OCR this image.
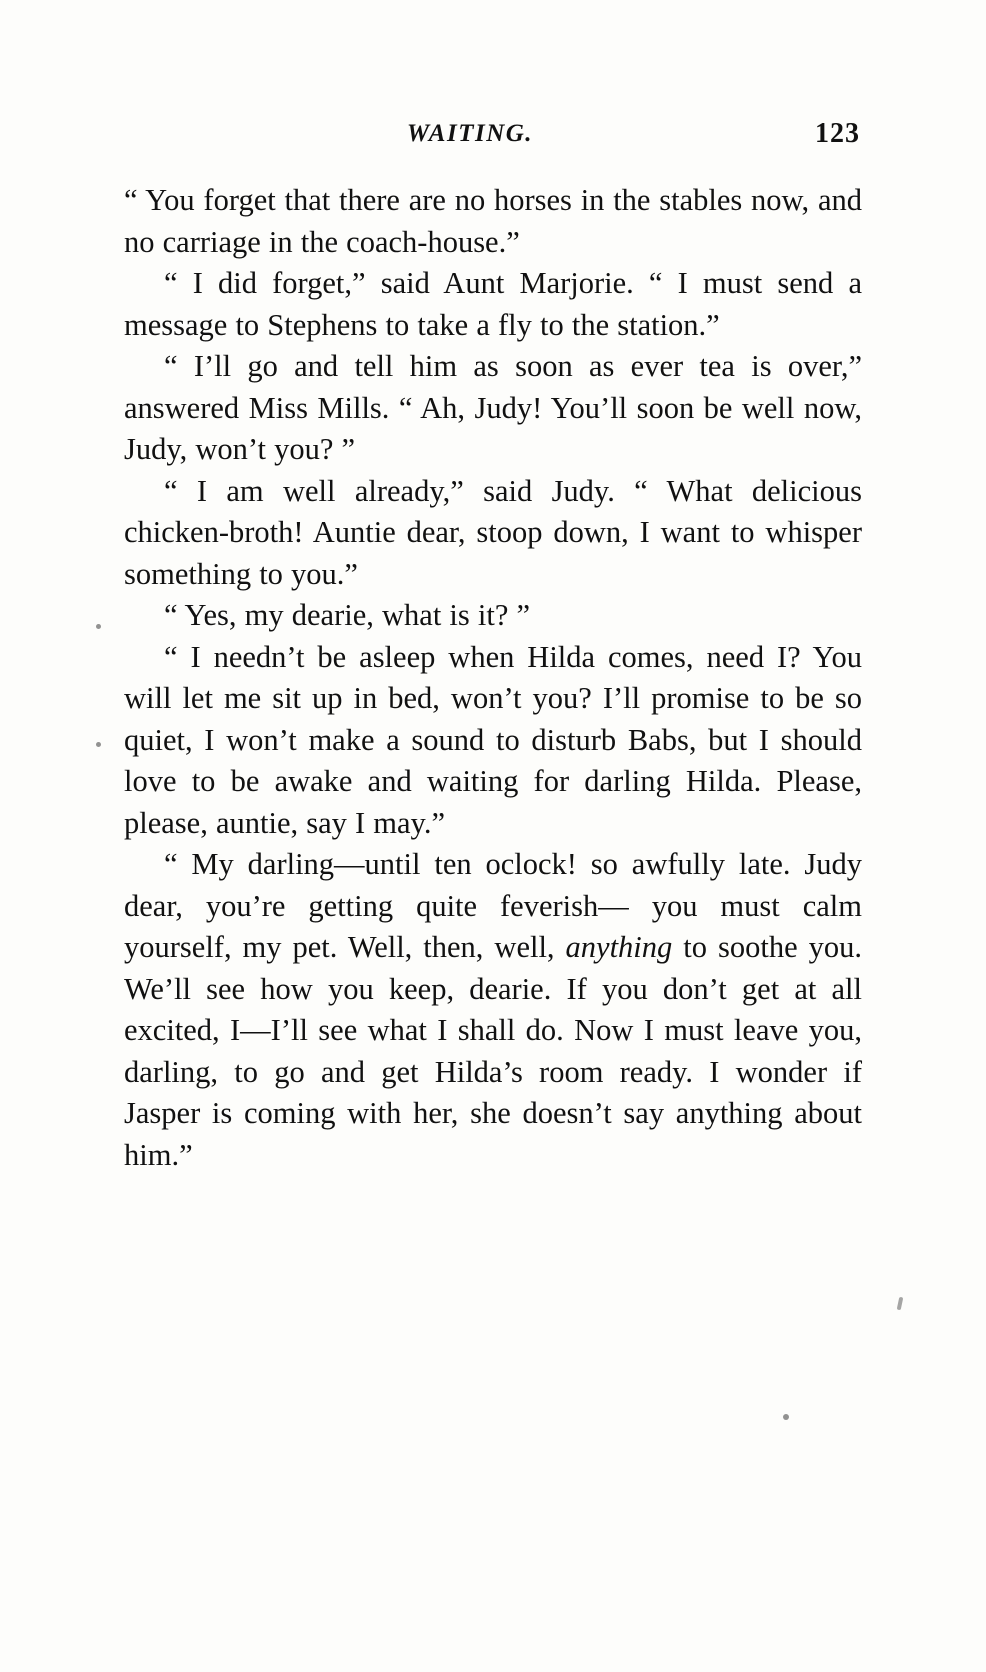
WAITING.	123

“ You forget that there are no horses in the stables now, and no carriage in the coach-house.”

“ I did forget,” said Aunt Marjorie. “ I must send a message to Stephens to take a fly to the station.”

“ I’ll go and tell him as soon as ever tea is over,” answered Miss Mills. “ Ah, Judy! You’ll soon be well now, Judy, won’t you? ”

“ I am well already,” said Judy. “ What delicious chicken-broth! Auntie dear, stoop down, I want to whisper something to you.”

“ Yes, my dearie, what is it? ”

“ I needn’t be asleep when Hilda comes, need I? You will let me sit up in bed, won’t you? I’ll promise to be so quiet, I won’t make a sound to disturb Babs, but I should love to be awake and waiting for darling Hilda. Please, please, auntie, say I may.”

“ My darling—until ten oclock! so awfully late. Judy dear, you’re getting quite feverish— you must calm yourself, my pet. Well, then, well, anything to soothe you. We’ll see how you keep, dearie. If you don’t get at all excited, I—I’ll see what I shall do. Now I must leave you, darling, to go and get Hilda’s room ready. I wonder if Jasper is coming with her, she doesn’t say anything about him.”
